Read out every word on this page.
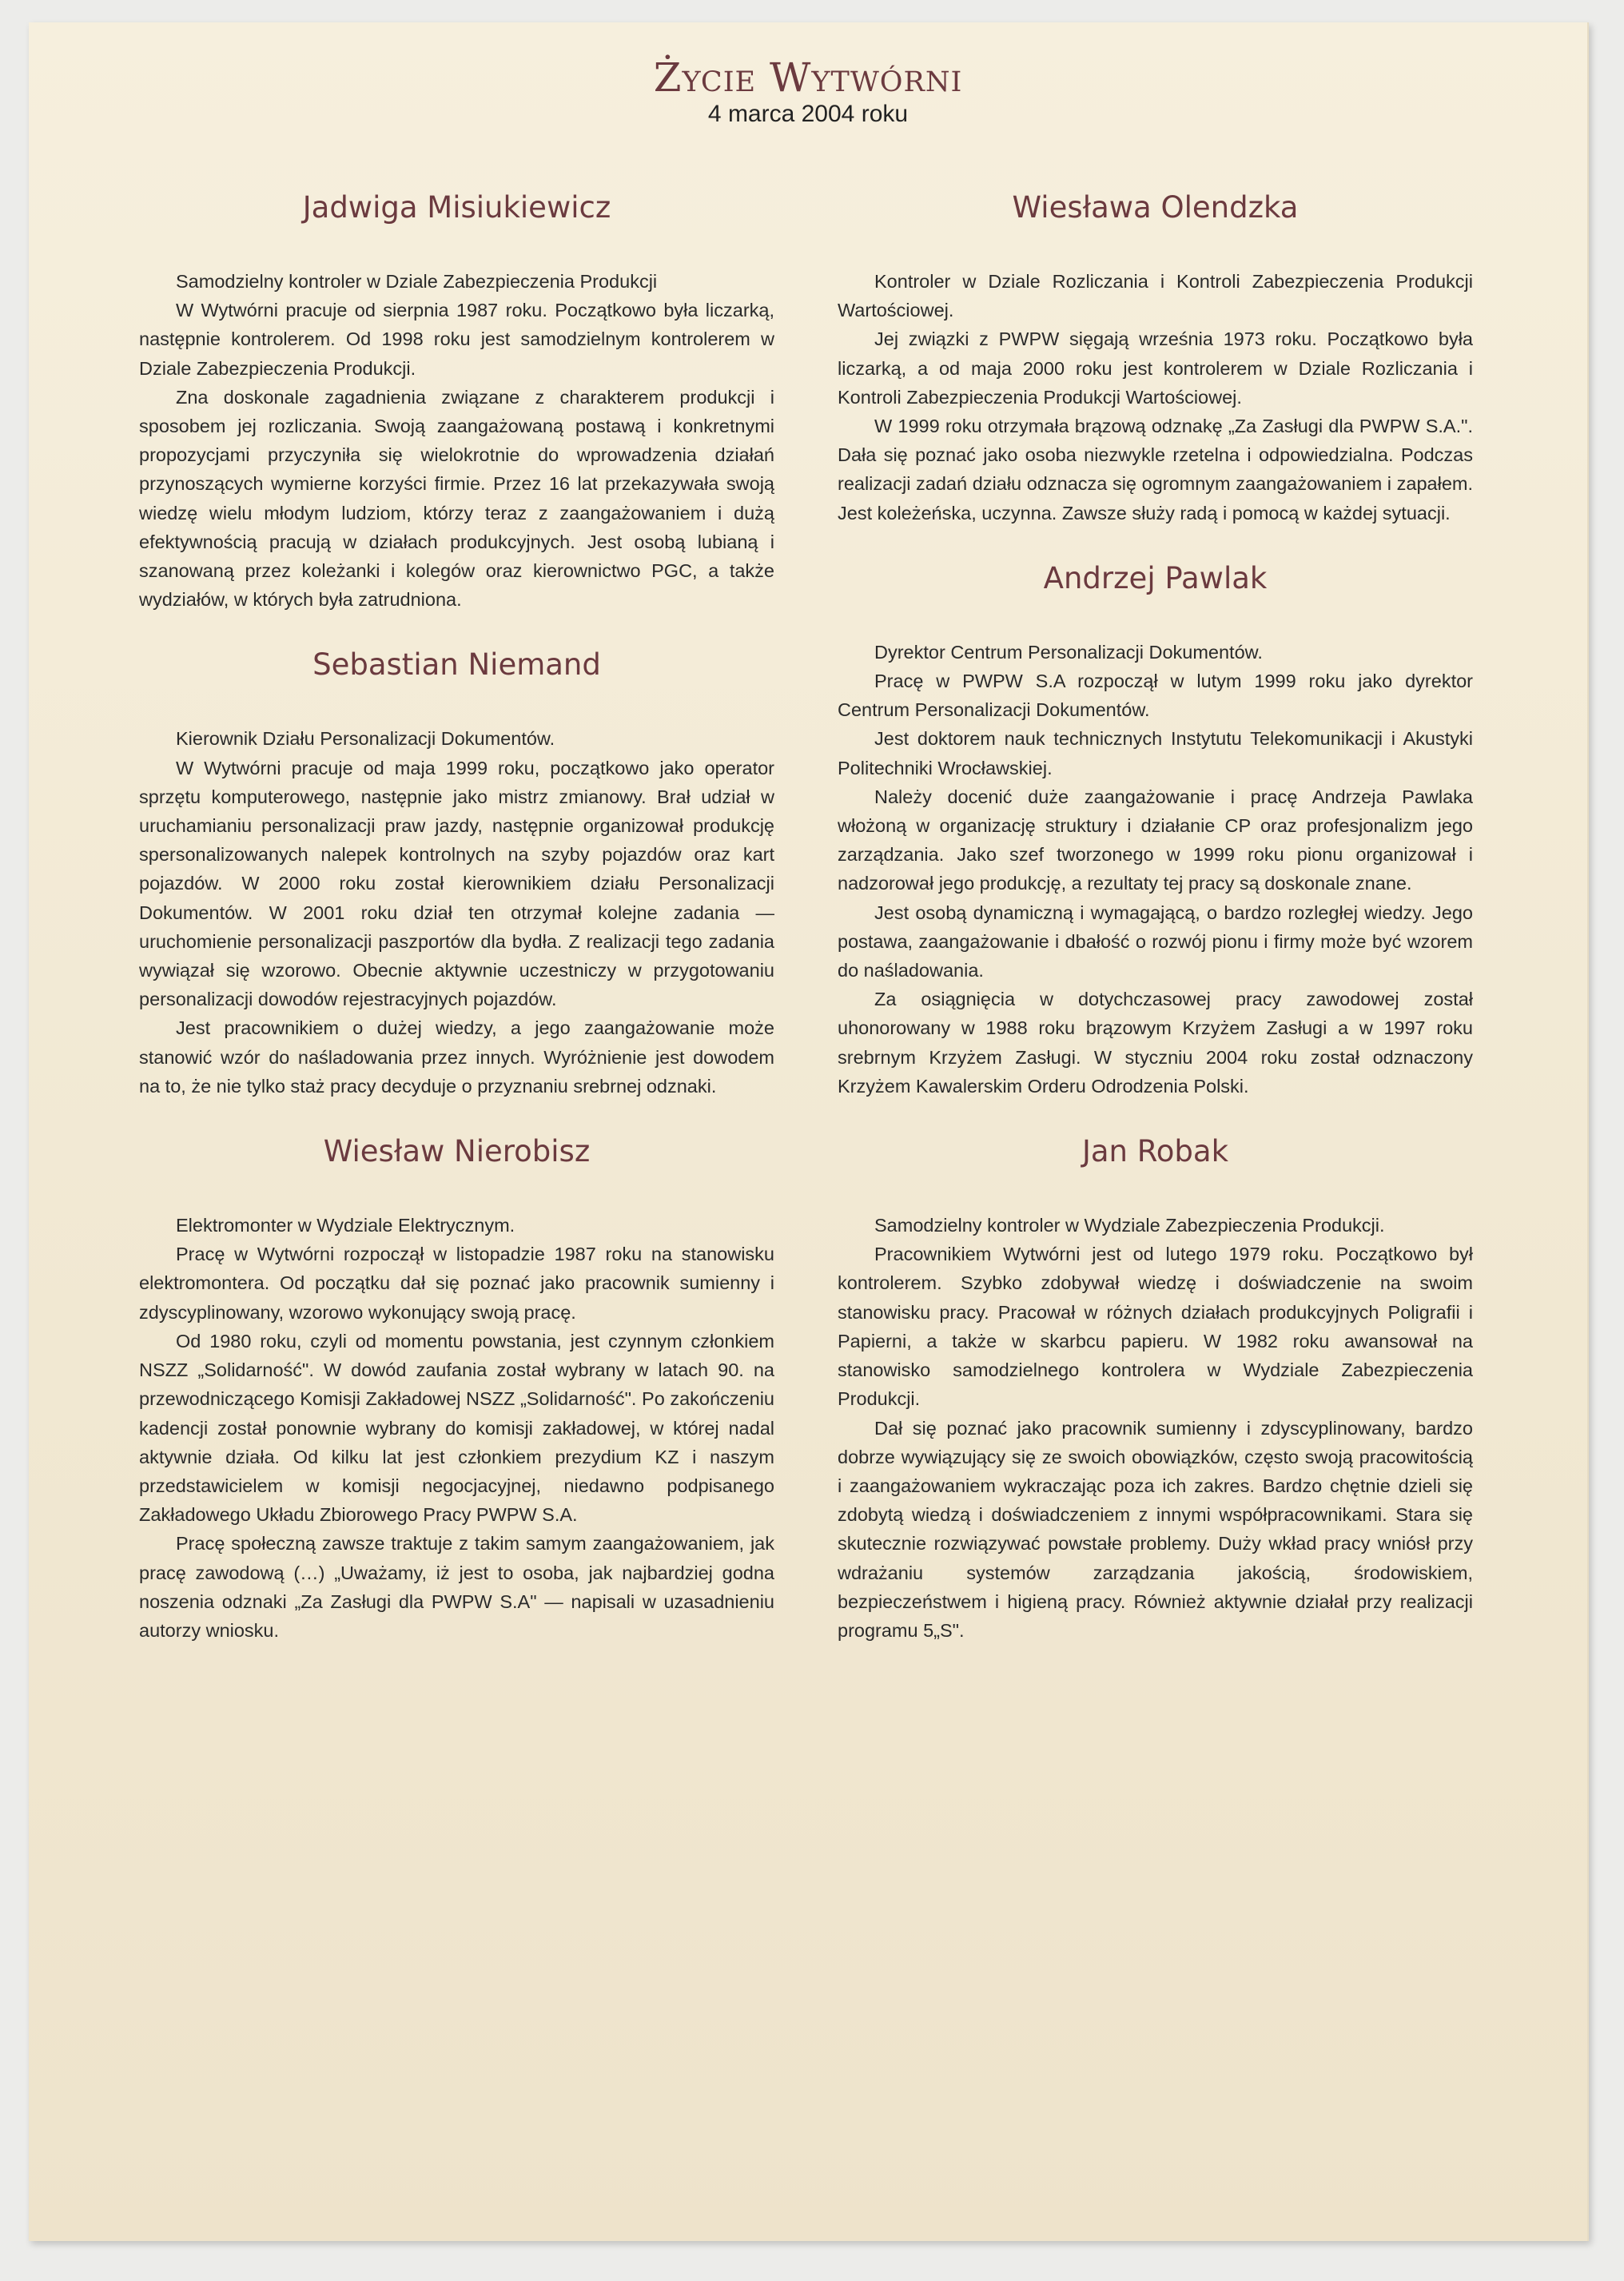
Życie Wytwórni
4 marca 2004 roku
Jadwiga Misiukiewicz

Samodzielny kontroler w Dziale Zabezpieczenia Produkcji

W Wytwórni pracuje od sierpnia 1987 roku. Początkowo była liczarką, następnie kontrolerem. Od 1998 roku jest samodzielnym kontrolerem w Dziale Zabezpieczenia Produkcji.

Zna doskonale zagadnienia związane z charakterem produkcji i sposobem jej rozliczania. Swoją zaangażowaną postawą i konkretnymi propozycjami przyczyniła się wielokrotnie do wprowadzenia działań przynoszących wymierne korzyści firmie. Przez 16 lat przekazywała swoją wiedzę wielu młodym ludziom, którzy teraz z zaangażowaniem i dużą efektywnością pracują w działach produkcyjnych. Jest osobą lubianą i szanowaną przez koleżanki i kolegów oraz kierownictwo PGC, a także wydziałów, w których była zatrudniona.

Sebastian Niemand

Kierownik Działu Personalizacji Dokumentów.

W Wytwórni pracuje od maja 1999 roku, początkowo jako operator sprzętu komputerowego, następnie jako mistrz zmianowy. Brał udział w uruchamianiu personalizacji praw jazdy, następnie organizował produkcję spersonalizowanych nalepek kontrolnych na szyby pojazdów oraz kart pojazdów. W 2000 roku został kierownikiem działu Personalizacji Dokumentów. W 2001 roku dział ten otrzymał kolejne zadania — uruchomienie personalizacji paszportów dla bydła. Z realizacji tego zadania wywiązał się wzorowo. Obecnie aktywnie uczestniczy w przygotowaniu personalizacji dowodów rejestracyjnych pojazdów.

Jest pracownikiem o dużej wiedzy, a jego zaangażowanie może stanowić wzór do naśladowania przez innych. Wyróżnienie jest dowodem na to, że nie tylko staż pracy decyduje o przyznaniu srebrnej odznaki.

Wiesław Nierobisz

Elektromonter w Wydziale Elektrycznym.

Pracę w Wytwórni rozpoczął w listopadzie 1987 roku na stanowisku elektromontera. Od początku dał się poznać jako pracownik sumienny i zdyscyplinowany, wzorowo wykonujący swoją pracę.

Od 1980 roku, czyli od momentu powstania, jest czynnym członkiem NSZZ „Solidarność". W dowód zaufania został wybrany w latach 90. na przewodniczącego Komisji Zakładowej NSZZ „Solidarność". Po zakończeniu kadencji został ponownie wybrany do komisji zakładowej, w której nadal aktywnie działa. Od kilku lat jest członkiem prezydium KZ i naszym przedstawicielem w komisji negocjacyjnej, niedawno podpisanego Zakładowego Układu Zbiorowego Pracy PWPW S.A.

Pracę społeczną zawsze traktuje z takim samym zaangażowaniem, jak pracę zawodową (…) „Uważamy, iż jest to osoba, jak najbardziej godna noszenia odznaki „Za Zasługi dla PWPW S.A" — napisali w uzasadnieniu autorzy wniosku.

Wiesława Olendzka

Kontroler w Dziale Rozliczania i Kontroli Zabezpieczenia Produkcji Wartościowej.

Jej związki z PWPW sięgają września 1973 roku. Początkowo była liczarką, a od maja 2000 roku jest kontrolerem w Dziale Rozliczania i Kontroli Zabezpieczenia Produkcji Wartościowej.

W 1999 roku otrzymała brązową odznakę „Za Zasługi dla PWPW S.A.". Dała się poznać jako osoba niezwykle rzetelna i odpowiedzialna. Podczas realizacji zadań działu odznacza się ogromnym zaangażowaniem i zapałem. Jest koleżeńska, uczynna. Zawsze służy radą i pomocą w każdej sytuacji.

Andrzej Pawlak

Dyrektor Centrum Personalizacji Dokumentów.

Pracę w PWPW S.A rozpoczął w lutym 1999 roku jako dyrektor Centrum Personalizacji Dokumentów.

Jest doktorem nauk technicznych Instytutu Telekomunikacji i Akustyki Politechniki Wrocławskiej.

Należy docenić duże zaangażowanie i pracę Andrzeja Pawlaka włożoną w organizację struktury i działanie CP oraz profesjonalizm jego zarządzania. Jako szef tworzonego w 1999 roku pionu organizował i nadzorował jego produkcję, a rezultaty tej pracy są doskonale znane.

Jest osobą dynamiczną i wymagającą, o bardzo rozległej wiedzy. Jego postawa, zaangażowanie i dbałość o rozwój pionu i firmy może być wzorem do naśladowania.

Za osiągnięcia w dotychczasowej pracy zawodowej został uhonorowany w 1988 roku brązowym Krzyżem Zasługi a w 1997 roku srebrnym Krzyżem Zasługi. W styczniu 2004 roku został odznaczony Krzyżem Kawalerskim Orderu Odrodzenia Polski.

Jan Robak

Samodzielny kontroler w Wydziale Zabezpieczenia Produkcji.

Pracownikiem Wytwórni jest od lutego 1979 roku. Początkowo był kontrolerem. Szybko zdobywał wiedzę i doświadczenie na swoim stanowisku pracy. Pracował w różnych działach produkcyjnych Poligrafii i Papierni, a także w skarbcu papieru. W 1982 roku awansował na stanowisko samodzielnego kontrolera w Wydziale Zabezpieczenia Produkcji.

Dał się poznać jako pracownik sumienny i zdyscyplinowany, bardzo dobrze wywiązujący się ze swoich obowiązków, często swoją pracowitością i zaangażowaniem wykraczając poza ich zakres. Bardzo chętnie dzieli się zdobytą wiedzą i doświadczeniem z innymi współpracownikami. Stara się skutecznie rozwiązywać powstałe problemy. Duży wkład pracy wniósł przy wdrażaniu systemów zarządzania jakością, środowiskiem, bezpieczeństwem i higieną pracy. Również aktywnie działał przy realizacji programu 5„S".
